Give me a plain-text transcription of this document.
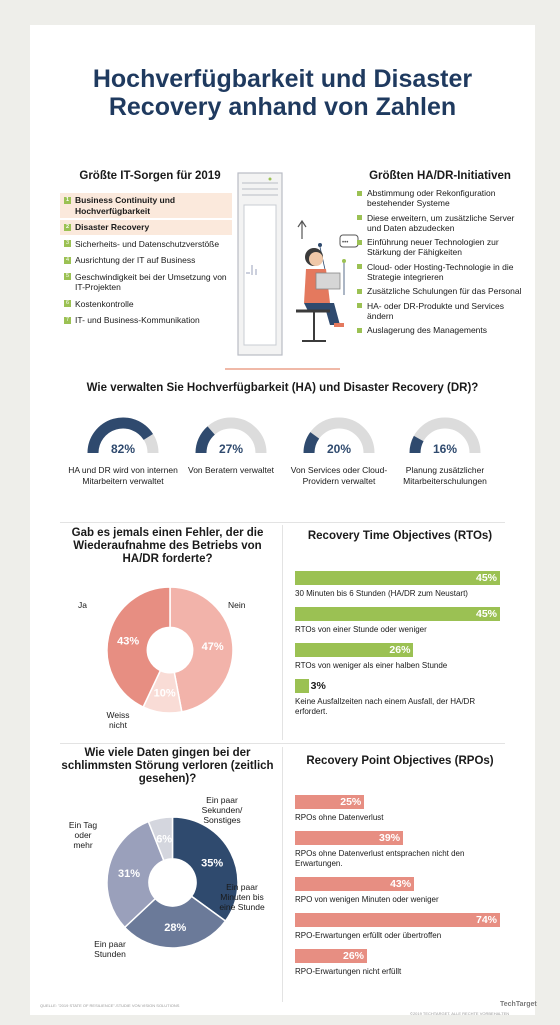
Hochverfügbarkeit und Disaster
Recovery anhand von Zahlen
Größte IT-Sorgen für 2019
1 Business Continuity und Hochverfügbarkeit
2 Disaster Recovery
3 Sicherheits- und Datenschutzverstöße
4 Ausrichtung der IT auf Business
5 Geschwindigkeit bei der Umsetzung von IT-Projekten
6 Kostenkontrolle
7 IT- und Business-Kommunikation
•••
Größten HA/DR-Initiativen
Abstimmung oder Rekonfiguration bestehender Systeme
Diese erweitern, um zusätzliche Server und Daten abzudecken
Einführung neuer Technologien zur Stärkung der Fähigkeiten
Cloud- oder Hosting-Technologie in die Strategie integrieren
Zusätzliche Schulungen für das Personal
HA- oder DR-Produkte und Services ändern
Auslagerung des Managements
Wie verwalten Sie Hochverfügbarkeit (HA) und Disaster Recovery (DR)?
82%
HA und DR wird von internen Mitarbeitern verwaltet
27%
Von Beratern verwaltet
20%
Von Services oder Cloud-Providern verwaltet
16%
Planung zusätzlicher Mitarbeiterschulungen
Gab es jemals einen Fehler, der die Wiederaufnahme des Betriebs von HA/DR forderte?
47%
10%
43%
Ja	Nein
Weiss nicht
Recovery Time Objectives (RTOs)
45%
30 Minuten bis 6 Stunden (HA/DR zum Neustart)
45%
RTOs von einer Stunde oder weniger
26%
RTOs von weniger als einer halben Stunde
3%
Keine Ausfallzeiten nach einem Ausfall, der HA/DR erfordert.
Wie viele Daten gingen bei der schlimmsten Störung verloren (zeitlich gesehen)?
35%
28%
31%
6%
Ein paar Sekunden/ Sonstiges
Ein Tag oder mehr
Ein paar Minuten bis eine Stunde
Ein paar Stunden
Recovery Point Objectives (RPOs)
25%
RPOs ohne Datenverlust
39%
RPOs ohne Datenverlust entsprachen nicht den Erwartungen.
43%
RPO von wenigen Minuten oder weniger
74%
RPO-Erwartungen erfüllt oder übertroffen
26%
RPO-Erwartungen nicht erfüllt
QUELLE: "2019 STATE OF RESILIENCE"-STUDIE VON VISION SOLUTIONS
©2019 TECHTARGET. ALLE RECHTE VORBEHALTEN
TechTarget
